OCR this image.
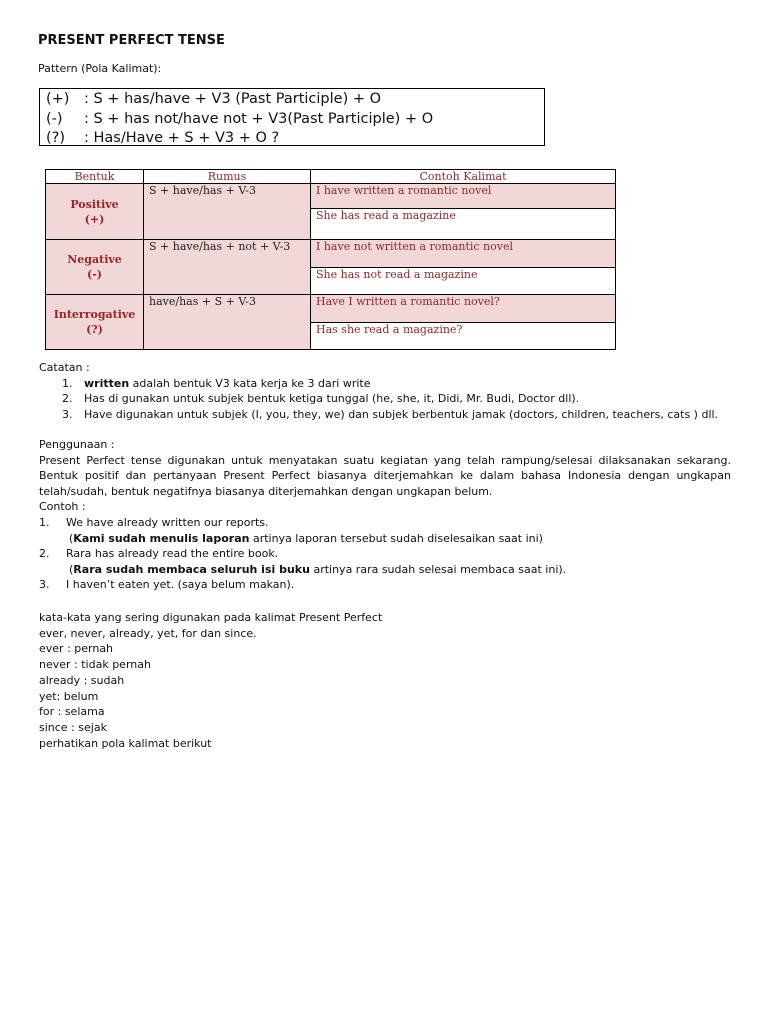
PRESENT PERFECT TENSE
Pattern (Pola Kalimat):
(+)	: S + has/have + V3 (Past Participle) + O
(-)	: S + has not/have not + V3(Past Participle) + O
(?)	: Has/Have + S + V3 + O ?
Bentuk	Rumus	Contoh Kalimat

Positive
(+)	S + have/has + V-3	I have written a romantic novel
		She has read a magazine

Negative
(-)	S + have/has + not + V-3	I have not written a romantic novel
		She has not read a magazine

Interrogative
(?)	have/has + S + V-3	Have I written a romantic novel?
		Has she read a magazine?
Catatan :
1. written adalah bentuk V3 kata kerja ke 3 dari write
2. Has di gunakan untuk subjek bentuk ketiga tunggal (he, she, it, Didi, Mr. Budi, Doctor dll).
3. Have digunakan untuk subjek (I, you, they, we) dan subjek berbentuk jamak (doctors, children, teachers, cats ) dll.

Penggunaan :

Present Perfect tense digunakan untuk menyatakan suatu kegiatan yang telah rampung/selesai dilaksanakan sekarang.

Bentuk positif dan pertanyaan Present Perfect biasanya diterjemahkan ke dalam bahasa Indonesia dengan ungkapan

telah/sudah, bentuk negatifnya biasanya diterjemahkan dengan ungkapan belum.

Contoh :

1. We have already written our reports.
(Kami sudah menulis laporan artinya laporan tersebut sudah diselesaikan saat ini)
2. Rara has already read the entire book.
(Rara sudah membaca seluruh isi buku artinya rara sudah selesai membaca saat ini).
3. I haven’t eaten yet. (saya belum makan).
kata-kata yang sering digunakan pada kalimat Present Perfect
ever, never, already, yet, for dan since.
ever : pernah
never : tidak pernah
already : sudah
yet: belum
for : selama
since : sejak
perhatikan pola kalimat berikut
